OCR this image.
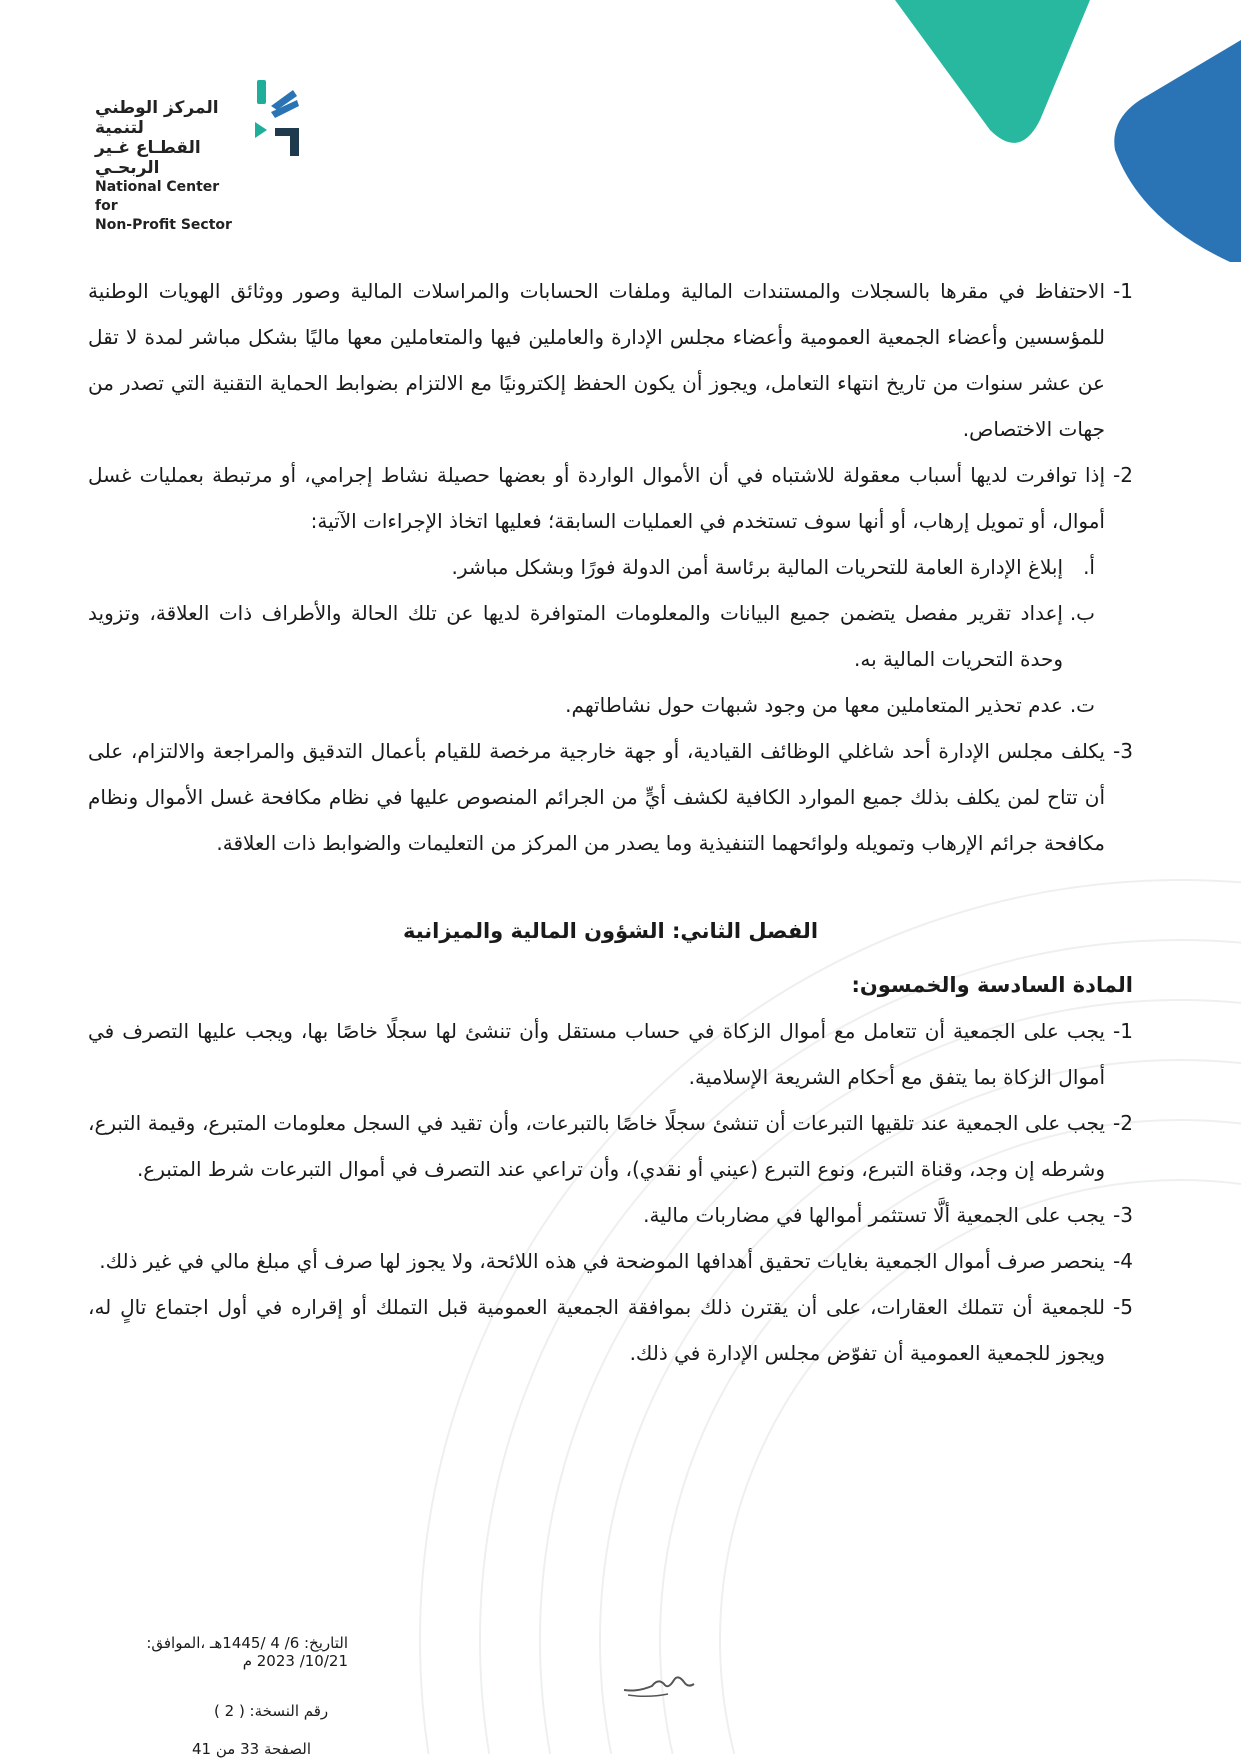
المركز الوطني لتنمية
القطـاع غـير الربحـي
National Center for
Non-Profit Sector
1-
الاحتفاظ في مقرها بالسجلات والمستندات المالية وملفات الحسابات والمراسلات المالية وصور ووثائق الهويات الوطنية للمؤسسين وأعضاء الجمعية العمومية وأعضاء مجلس الإدارة والعاملين فيها والمتعاملين معها ماليًا بشكل مباشر لمدة لا تقل عن عشر سنوات من تاريخ انتهاء التعامل، ويجوز أن يكون الحفظ إلكترونيًا مع الالتزام بضوابط الحماية التقنية التي تصدر من جهات الاختصاص.
2-
إذا توافرت لديها أسباب معقولة للاشتباه في أن الأموال الواردة أو بعضها حصيلة نشاط إجرامي، أو مرتبطة بعمليات غسل أموال، أو تمويل إرهاب، أو أنها سوف تستخدم في العمليات السابقة؛ فعليها اتخاذ الإجراءات الآتية:
أ.
إبلاغ الإدارة العامة للتحريات المالية برئاسة أمن الدولة فورًا وبشكل مباشر.
ب.
إعداد تقرير مفصل يتضمن جميع البيانات والمعلومات المتوافرة لديها عن تلك الحالة والأطراف ذات العلاقة، وتزويد وحدة التحريات المالية به.
ت.
عدم تحذير المتعاملين معها من وجود شبهات حول نشاطاتهم.
3-
يكلف مجلس الإدارة أحد شاغلي الوظائف القيادية، أو جهة خارجية مرخصة للقيام بأعمال التدقيق والمراجعة والالتزام، على أن تتاح لمن يكلف بذلك جميع الموارد الكافية لكشف أيٍّ من الجرائم المنصوص عليها في نظام مكافحة غسل الأموال ونظام مكافحة جرائم الإرهاب وتمويله ولوائحهما التنفيذية وما يصدر من المركز من التعليمات والضوابط ذات العلاقة.
الفصل الثاني: الشؤون المالية والميزانية
المادة السادسة والخمسون:
1-
يجب على الجمعية أن تتعامل مع أموال الزكاة في حساب مستقل وأن تنشئ لها سجلًا خاصًا بها، ويجب عليها التصرف في أموال الزكاة بما يتفق مع أحكام الشريعة الإسلامية.
2-
يجب على الجمعية عند تلقيها التبرعات أن تنشئ سجلًا خاصًا بالتبرعات، وأن تقيد في السجل معلومات المتبرع، وقيمة التبرع، وشرطه إن وجد، وقناة التبرع، ونوع التبرع (عيني أو نقدي)، وأن تراعي عند التصرف في أموال التبرعات شرط المتبرع.
3-
يجب على الجمعية ألَّا تستثمر أموالها في مضاربات مالية.
4-
ينحصر صرف أموال الجمعية بغايات تحقيق أهدافها الموضحة في هذه اللائحة، ولا يجوز لها صرف أي مبلغ مالي في غير ذلك.
5-
للجمعية أن تتملك العقارات، على أن يقترن ذلك بموافقة الجمعية العمومية قبل التملك أو إقراره في أول اجتماع تالٍ له، ويجوز للجمعية العمومية أن تفوّض مجلس الإدارة في ذلك.
التاريخ: 6/ 4 /1445هـ ،الموافق: 10/21/ 2023 م
رقم النسخة: ( 2 )
الصفحة 33 من 41
